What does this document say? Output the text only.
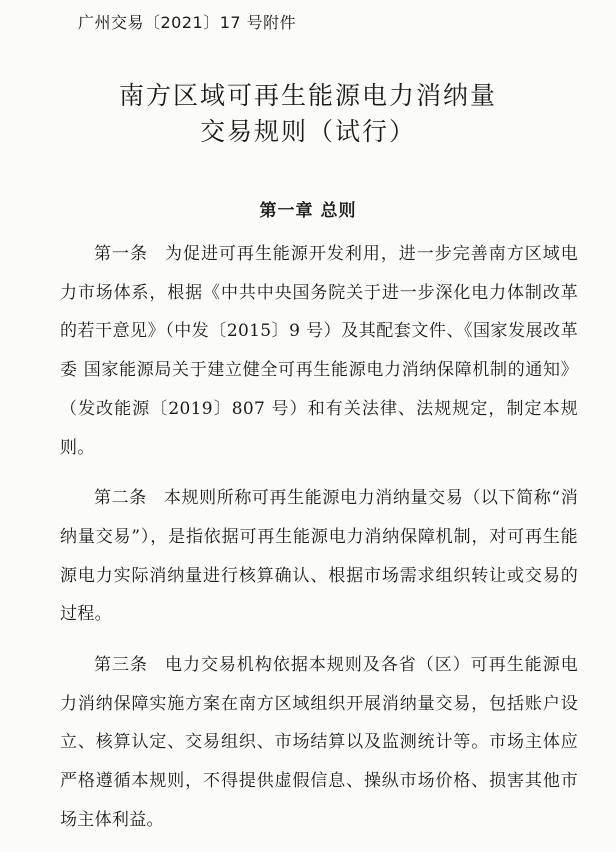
广州交易〔2021〕17 号附件

南方区域可再生能源电力消纳量

交易规则（试行）

第一章 总则

第一条 为促进可再生能源开发利用，进一步完善南方区域电力市场体系，根据《中共中央国务院关于进一步深化电力体制改革的若干意见》（中发〔2015〕9 号）及其配套文件、《国家发展改革委 国家能源局关于建立健全可再生能源电力消纳保障机制的通知》（发改能源〔2019〕807 号）和有关法律、法规规定，制定本规则。

第二条 本规则所称可再生能源电力消纳量交易（以下简称“消纳量交易”），是指依据可再生能源电力消纳保障机制，对可再生能源电力实际消纳量进行核算确认、根据市场需求组织转让或交易的过程。

第三条 电力交易机构依据本规则及各省（区）可再生能源电力消纳保障实施方案在南方区域组织开展消纳量交易，包括账户设立、核算认定、交易组织、市场结算以及监测统计等。市场主体应严格遵循本规则，不得提供虚假信息、操纵市场价格、损害其他市场主体利益。
